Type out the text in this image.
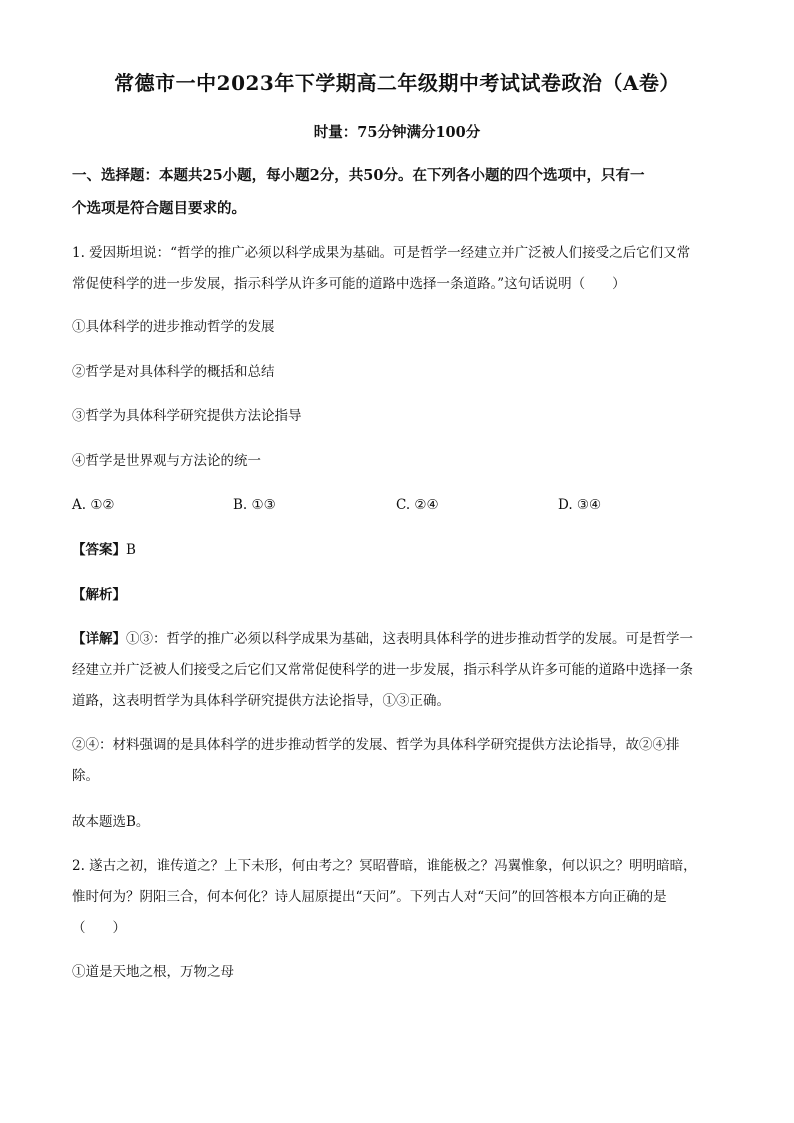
常德市一中2023年下学期高二年级期中考试试卷政治（A卷）
时量：75分钟满分100分
一、选择题：本题共25小题，每小题2分，共50分。在下列各小题的四个选项中，只有一
个选项是符合题目要求的。
1. 爱因斯坦说：“哲学的推广必须以科学成果为基础。可是哲学一经建立并广泛被人们接受之后它们又常
常促使科学的进一步发展，指示科学从许多可能的道路中选择一条道路。”这句话说明（　　）
①具体科学的进步推动哲学的发展
②哲学是对具体科学的概括和总结
③哲学为具体科学研究提供方法论指导
④哲学是世界观与方法论的统一
A. ①②	B. ①③	C. ②④	D. ③④
【答案】B
【解析】
【详解】①③：哲学的推广必须以科学成果为基础，这表明具体科学的进步推动哲学的发展。可是哲学一
经建立并广泛被人们接受之后它们又常常促使科学的进一步发展，指示科学从许多可能的道路中选择一条
道路，这表明哲学为具体科学研究提供方法论指导，①③正确。
②④：材料强调的是具体科学的进步推动哲学的发展、哲学为具体科学研究提供方法论指导，故②④排
除。
故本题选B。
2. 遂古之初，谁传道之？上下未形，何由考之？冥昭瞢暗，谁能极之？冯翼惟象，何以识之？明明暗暗，
惟时何为？阴阳三合，何本何化？诗人屈原提出“天问”。下列古人对“天问”的回答根本方向正确的是
（　　）
①道是天地之根，万物之母
